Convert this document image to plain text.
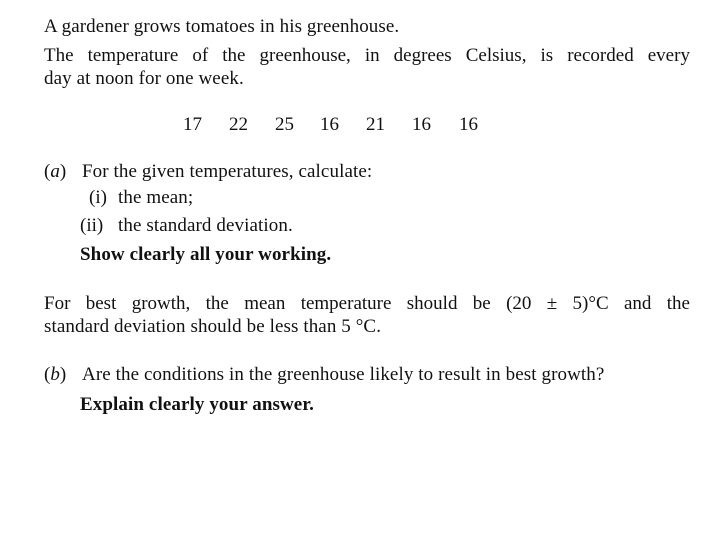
A gardener grows tomatoes in his greenhouse.
The temperature of the greenhouse, in degrees Celsius, is recorded every
day at noon for one week.
17 22 25 16 21 16 16
(a) For the given temperatures, calculate:
(i) the mean;
(ii) the standard deviation.
Show clearly all your working.
For best growth, the mean temperature should be (20 ± 5)°C and the
standard deviation should be less than 5 °C.
(b) Are the conditions in the greenhouse likely to result in best growth?
Explain clearly your answer.
